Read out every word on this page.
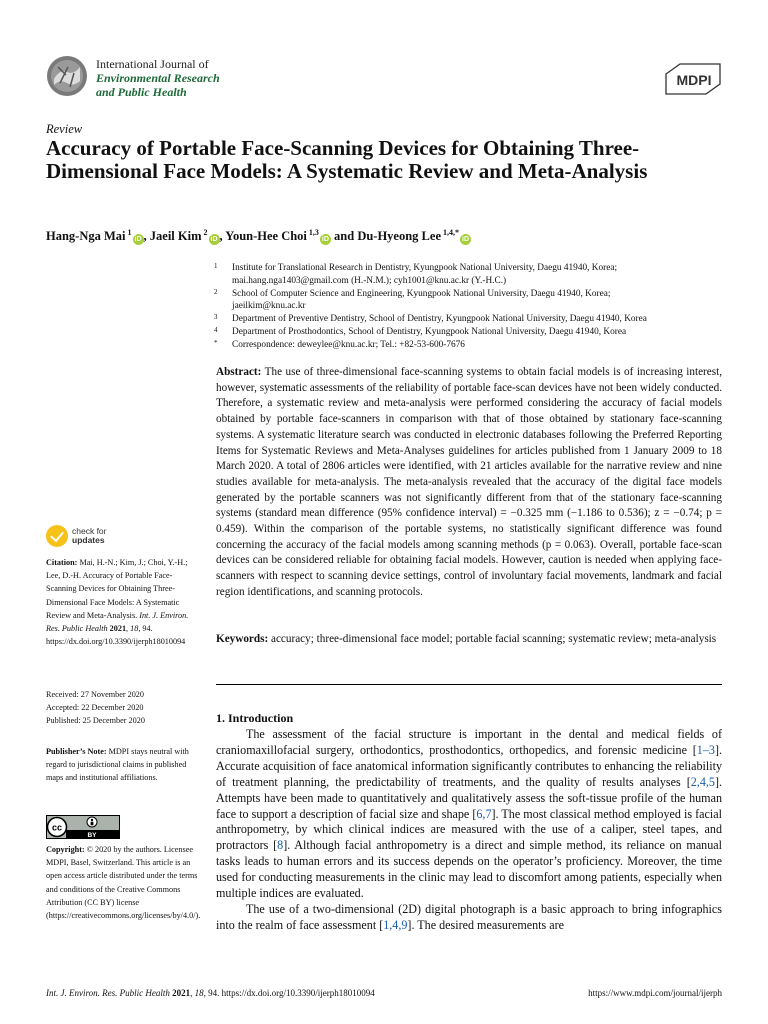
International Journal of
Environmental Research
and Public Health
MDPI
Review
Accuracy of Portable Face-Scanning Devices for Obtaining Three-Dimensional Face Models: A Systematic Review and Meta-Analysis
Hang-Nga Mai $^1$iD , Jaeil Kim $^2$iD , Youn-Hee Choi $^{1,3}$iD and Du-Hyeong Lee $^{1,4,*}$iD
1 Institute for Translational Research in Dentistry, Kyungpook National University, Daegu 41940, Korea;
mai.hang.nga1403@gmail.com (H.-N.M.); cyh1001@knu.ac.kr (Y.-H.C.)
2 School of Computer Science and Engineering, Kyungpook National University, Daegu 41940, Korea;
jaeilkim@knu.ac.kr
3 Department of Preventive Dentistry, School of Dentistry, Kyungpook National University, Daegu 41940, Korea
4 Department of Prosthodontics, School of Dentistry, Kyungpook National University, Daegu 41940, Korea
* Correspondence: deweylee@knu.ac.kr; Tel.: +82-53-600-7676
Abstract: The use of three-dimensional face-scanning systems to obtain facial models is of increasing interest, however, systematic assessments of the reliability of portable face-scan devices have not been widely conducted. Therefore, a systematic review and meta-analysis were performed considering the accuracy of facial models obtained by portable face-scanners in comparison with that of those obtained by stationary face-scanning systems. A systematic literature search was conducted in electronic databases following the Preferred Reporting Items for Systematic Reviews and Meta-Analyses guidelines for articles published from 1 January 2009 to 18 March 2020. A total of 2806 articles were identified, with 21 articles available for the narrative review and nine studies available for meta-analysis. The meta-analysis revealed that the accuracy of the digital face models generated by the portable scanners was not significantly different from that of the stationary face-scanning systems (standard mean difference (95% confidence interval) = −0.325 mm (−1.186 to 0.536); z = −0.74; p = 0.459). Within the comparison of the portable systems, no statistically significant difference was found concerning the accuracy of the facial models among scanning methods (p = 0.063). Overall, portable face-scan devices can be considered reliable for obtaining facial models. However, caution is needed when applying face-scanners with respect to scanning device settings, control of involuntary facial movements, landmark and facial region identifications, and scanning protocols.
Keywords: accuracy; three-dimensional face model; portable facial scanning; systematic review; meta-analysis
1. Introduction

The assessment of the facial structure is important in the dental and medical fields of craniomaxillofacial surgery, orthodontics, prosthodontics, orthopedics, and forensic medicine [1–3]. Accurate acquisition of face anatomical information significantly contributes to enhancing the reliability of treatment planning, the predictability of treatments, and the quality of results analyses [2,4,5]. Attempts have been made to quantitatively and qualitatively assess the soft-tissue profile of the human face to support a description of facial size and shape [6,7]. The most classical method employed is facial anthropometry, by which clinical indices are measured with the use of a caliper, steel tapes, and protractors [8]. Although facial anthropometry is a direct and simple method, its reliance on manual tasks leads to human errors and its success depends on the operator’s proficiency. Moreover, the time used for conducting measurements in the clinic may lead to discomfort among patients, especially when multiple indices are evaluated.

The use of a two-dimensional (2D) digital photograph is a basic approach to bring infographics into the realm of face assessment [1,4,9]. The desired measurements are

check for
updates
Citation: Mai, H.-N.; Kim, J.; Choi, Y.-H.; Lee, D.-H. Accuracy of Portable Face-Scanning Devices for Obtaining Three-Dimensional Face Models: A Systematic Review and Meta-Analysis. Int. J. Environ. Res. Public Health 2021, 18, 94. https://dx.doi.org/10.3390/ijerph18010094
Received: 27 November 2020
Accepted: 22 December 2020
Published: 25 December 2020
Publisher’s Note: MDPI stays neutral with regard to jurisdictional claims in published maps and institutional affiliations.
cc
BY
Copyright: © 2020 by the authors. Licensee MDPI, Basel, Switzerland. This article is an open access article distributed under the terms and conditions of the Creative Commons Attribution (CC BY) license (https://creativecommons.org/licenses/by/4.0/).
Int. J. Environ. Res. Public Health 2021, 18, 94. https://dx.doi.org/10.3390/ijerph18010094	https://www.mdpi.com/journal/ijerph
